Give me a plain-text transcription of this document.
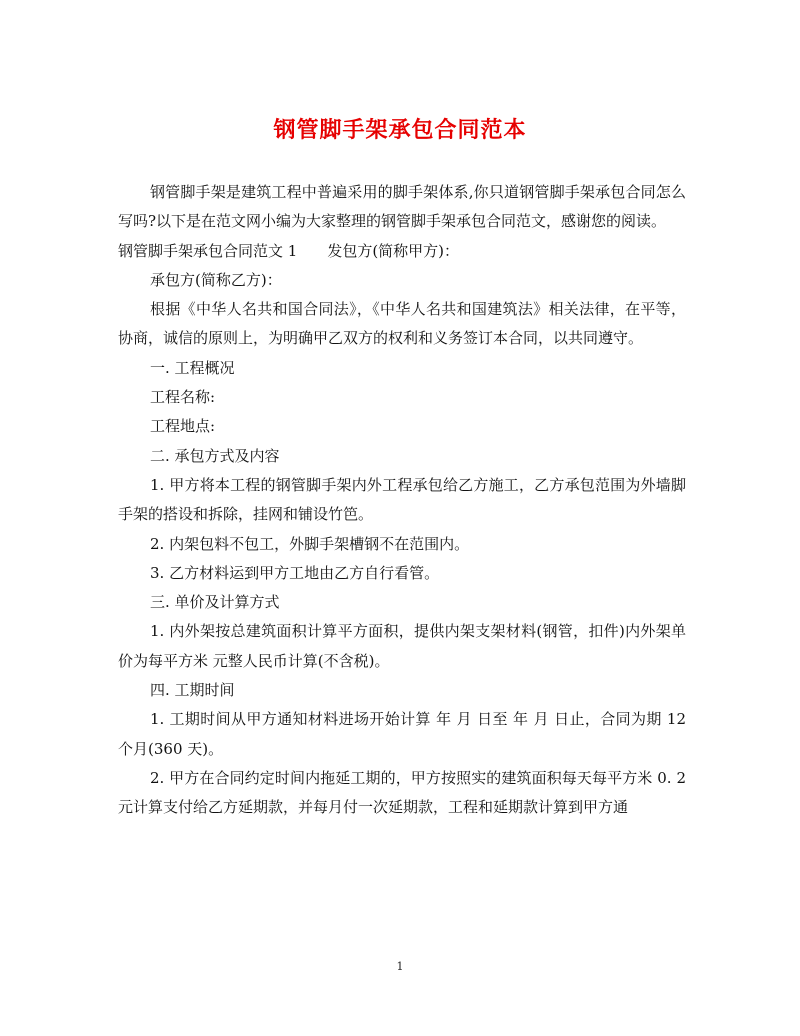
钢管脚手架承包合同范本

钢管脚手架是建筑工程中普遍采用的脚手架体系,你只道钢管脚手架承包合同怎么写吗?以下是在范文网小编为大家整理的钢管脚手架承包合同范文，感谢您的阅读。

钢管脚手架承包合同范文 1　　发包方(简称甲方)：

承包方(简称乙方)：

根据《中华人名共和国合同法》，《中华人名共和国建筑法》相关法律，在平等，协商，诚信的原则上，为明确甲乙双方的权利和义务签订本合同，以共同遵守。

一. 工程概况

工程名称:

工程地点:

二. 承包方式及内容

1. 甲方将本工程的钢管脚手架内外工程承包给乙方施工，乙方承包范围为外墙脚手架的搭设和拆除，挂网和铺设竹笆。

2. 内架包料不包工，外脚手架槽钢不在范围内。

3. 乙方材料运到甲方工地由乙方自行看管。

三. 单价及计算方式

1. 内外架按总建筑面积计算平方面积，提供内架支架材料(钢管，扣件)内外架单价为每平方米 元整人民币计算(不含税)。

四. 工期时间

1. 工期时间从甲方通知材料进场开始计算 年 月 日至 年 月 日止，合同为期 12 个月(360 天)。

2. 甲方在合同约定时间内拖延工期的，甲方按照实的建筑面积每天每平方米 0. 2 元计算支付给乙方延期款，并每月付一次延期款，工程和延期款计算到甲方通

1
